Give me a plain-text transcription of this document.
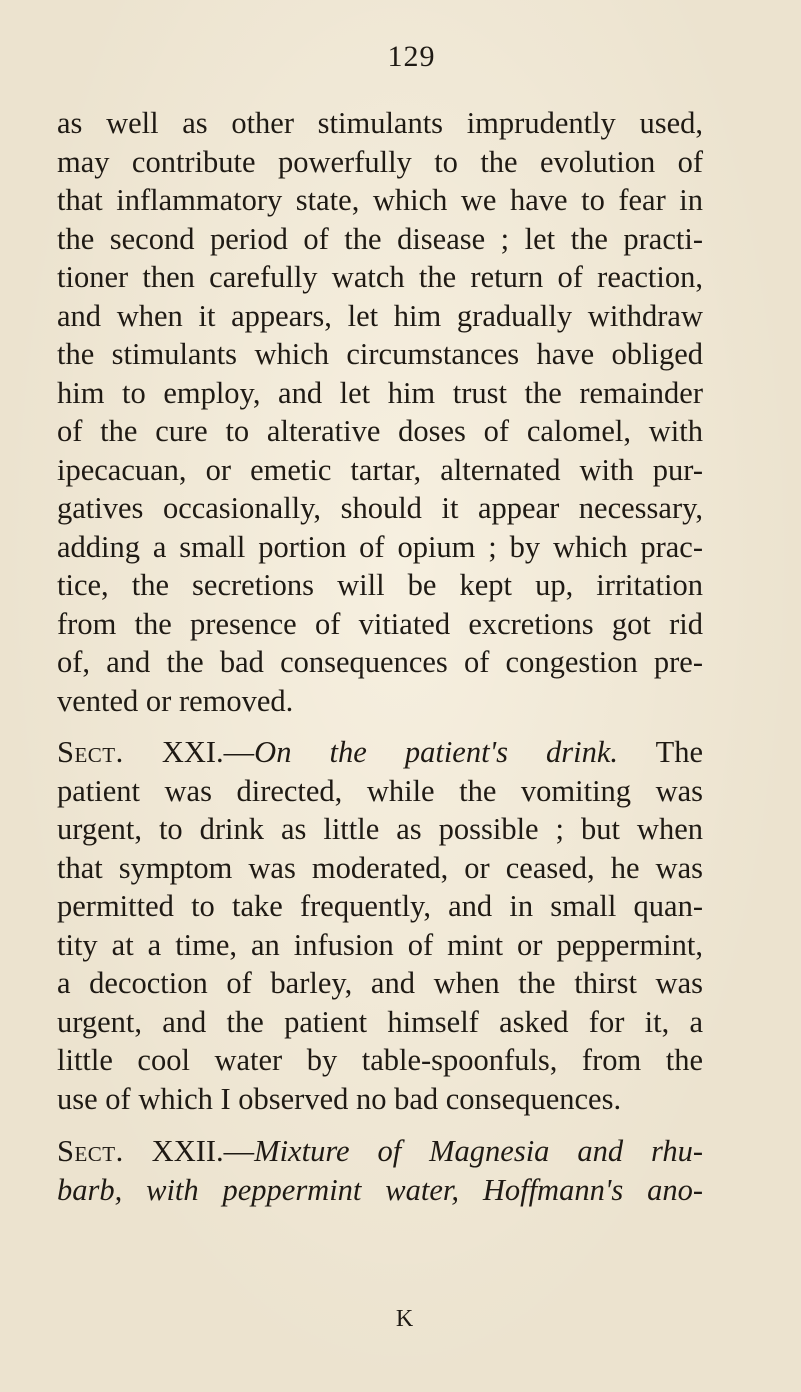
129
as well as other stimulants imprudently used,
may contribute powerfully to the evolution of
that inflammatory state, which we have to fear in
the second period of the disease ; let the practi-
tioner then carefully watch the return of reaction,
and when it appears, let him gradually withdraw
the stimulants which circumstances have obliged
him to employ, and let him trust the remainder
of the cure to alterative doses of calomel, with
ipecacuan, or emetic tartar, alternated with pur-
gatives occasionally, should it appear necessary,
adding a small portion of opium ; by which prac-
tice, the secretions will be kept up, irritation
from the presence of vitiated excretions got rid
of, and the bad consequences of congestion pre-
vented or removed.
Sect. XXI.—On the patient's drink. The
patient was directed, while the vomiting was
urgent, to drink as little as possible ; but when
that symptom was moderated, or ceased, he was
permitted to take frequently, and in small quan-
tity at a time, an infusion of mint or peppermint,
a decoction of barley, and when the thirst was
urgent, and the patient himself asked for it, a
little cool water by table-spoonfuls, from the
use of which I observed no bad consequences.
Sect. XXII.—Mixture of Magnesia and rhu-
barb, with peppermint water, Hoffmann's ano-
K
